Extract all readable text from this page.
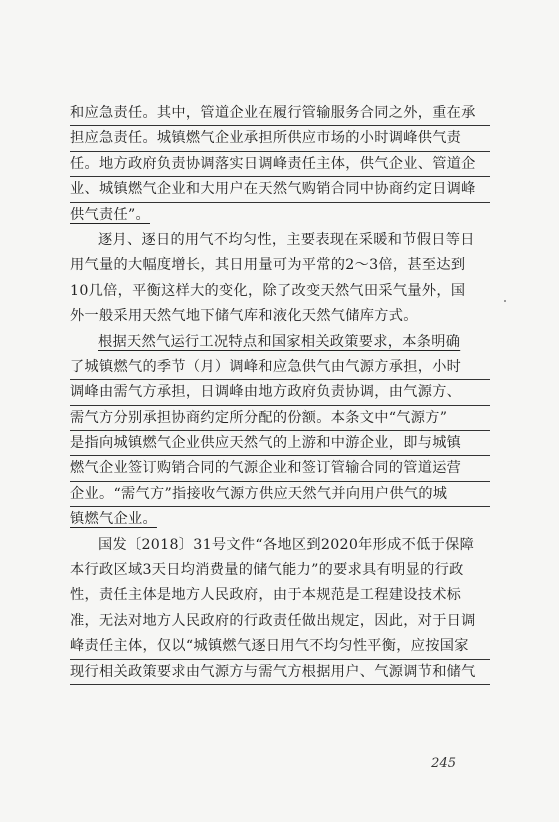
和应急责任。其中，管道企业在履行管输服务合同之外，重在承
担应急责任。城镇燃气企业承担所供应市场的小时调峰供气责
任。地方政府负责协调落实日调峰责任主体，供气企业、管道企
业、城镇燃气企业和大用户在天然气购销合同中协商约定日调峰
供气责任”。
逐月、逐日的用气不均匀性，主要表现在采暖和节假日等日
用气量的大幅度增长，其日用量可为平常的2～3倍，甚至达到
10几倍，平衡这样大的变化，除了改变天然气田采气量外，国
外一般采用天然气地下储气库和液化天然气储库方式。
根据天然气运行工况特点和国家相关政策要求，本条明确
了城镇燃气的季节（月）调峰和应急供气由气源方承担，小时
调峰由需气方承担，日调峰由地方政府负责协调，由气源方、
需气方分别承担协商约定所分配的份额。本条文中“气源方”
是指向城镇燃气企业供应天然气的上游和中游企业，即与城镇
燃气企业签订购销合同的气源企业和签订管输合同的管道运营
企业。“需气方”指接收气源方供应天然气并向用户供气的城
镇燃气企业。
国发〔2018〕31号文件“各地区到2020年形成不低于保障
本行政区域3天日均消费量的储气能力”的要求具有明显的行政
性，责任主体是地方人民政府，由于本规范是工程建设技术标
准，无法对地方人民政府的行政责任做出规定，因此，对于日调
峰责任主体，仅以“城镇燃气逐日用气不均匀性平衡，应按国家
现行相关政策要求由气源方与需气方根据用户、气源调节和储气
245
